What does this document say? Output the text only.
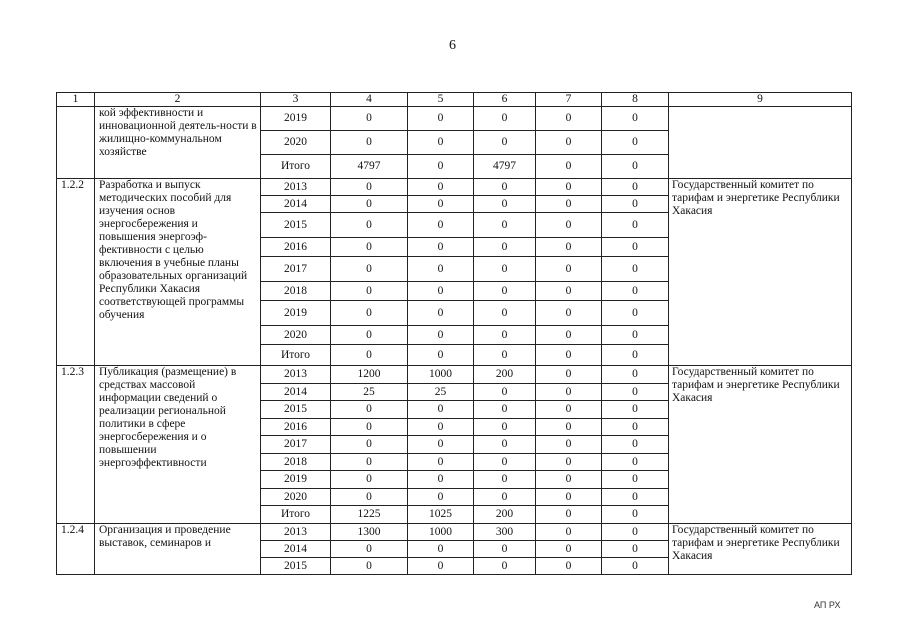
6
1	2	3	4	5	6	7	8	9
	кой эффективности и инновационной деятель-ности в жилищно-коммунальном хозяйстве	2019	0	0	0	0	0	
		2020	0	0	0	0	0	
		Итого	4797	0	4797	0	0	
1.2.2	Разработка и выпуск методических пособий для изучения основ энергосбережения и повышения энергоэф-фективности с целью включения в учебные планы образовательных организаций Республики Хакасия соответствующей программы обучения	2013	0	0	0	0	0	Государственный комитет по тарифам и энергетике Республики Хакасия
		2014	0	0	0	0	0	
		2015	0	0	0	0	0	
		2016	0	0	0	0	0	
		2017	0	0	0	0	0	
		2018	0	0	0	0	0	
		2019	0	0	0	0	0	
		2020	0	0	0	0	0	
		Итого	0	0	0	0	0	
1.2.3	Публикация (размещение) в средствах массовой информации сведений о реализации региональной политики в сфере энергосбережения и о повышении энергоэффективности	2013	1200	1000	200	0	0	Государственный комитет по тарифам и энергетике Республики Хакасия
		2014	25	25	0	0	0	
		2015	0	0	0	0	0	
		2016	0	0	0	0	0	
		2017	0	0	0	0	0	
		2018	0	0	0	0	0	
		2019	0	0	0	0	0	
		2020	0	0	0	0	0	
		Итого	1225	1025	200	0	0	
1.2.4	Организация и проведение выставок, семинаров и	2013	1300	1000	300	0	0	Государственный комитет по тарифам и энергетике Республики Хакасия
		2014	0	0	0	0	0	
		2015	0	0	0	0	0	
АП РХ
